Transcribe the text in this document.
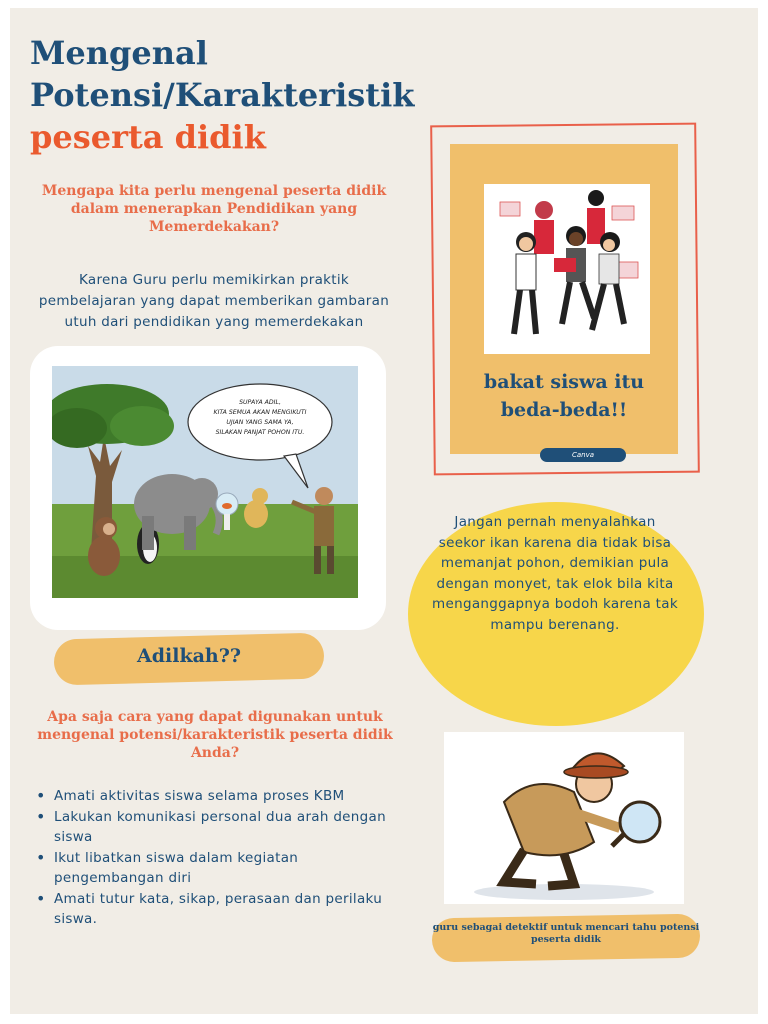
Mengenal
Potensi/Karakteristik
peserta didik
Mengapa kita perlu mengenal peserta didik dalam menerapkan Pendidikan yang Memerdekakan?
Karena Guru perlu memikirkan praktik pembelajaran yang dapat memberikan gambaran utuh dari pendidikan yang memerdekakan
SUPAYA ADIL,
KITA SEMUA AKAN MENGIKUTI
UJIAN YANG SAMA YA,
SILAKAN PANJAT POHON ITU.
Adilkah??
Apa saja cara yang dapat digunakan untuk mengenal potensi/karakteristik peserta didik Anda?
• Amati aktivitas siswa selama proses KBM
• Lakukan komunikasi personal dua arah dengan siswa
• Ikut libatkan siswa dalam kegiatan pengembangan diri
• Amati tutur kata, sikap, perasaan dan perilaku siswa.
bakat siswa itu beda-beda!!
Canva
Jangan pernah menyalahkan seekor ikan karena dia tidak bisa memanjat pohon, demikian pula dengan monyet, tak elok bila kita menganggapnya bodoh karena tak mampu berenang.
guru sebagai detektif untuk mencari tahu potensi peserta didik
